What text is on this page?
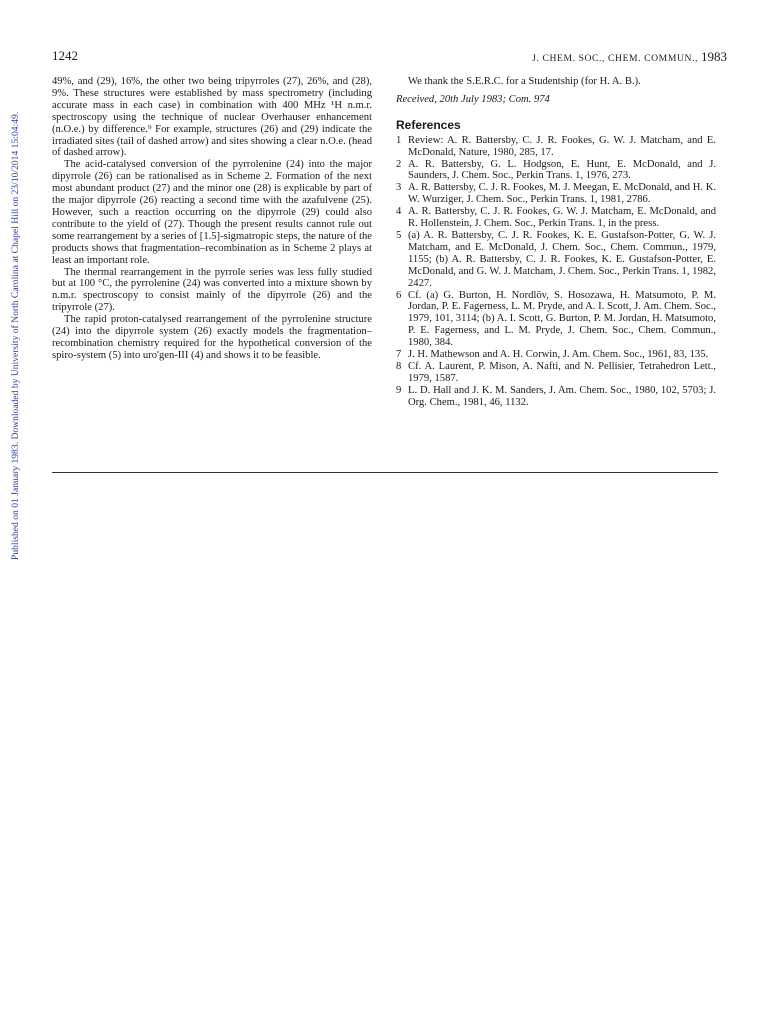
Published on 01 January 1983. Downloaded by University of North Carolina at Chapel Hill on 23/10/2014 15:04:49.
1242	J. CHEM. SOC., CHEM. COMMUN., 1983

49%, and (29), 16%, the other two being tripyrroles (27), 26%, and (28), 9%. These structures were established by mass spectrometry (including accurate mass in each case) in combination with 400 MHz ¹H n.m.r. spectroscopy using the technique of nuclear Overhauser enhancement (n.O.e.) by difference.⁹ For example, structures (26) and (29) indicate the irradiated sites (tail of dashed arrow) and sites showing a clear n.O.e. (head of dashed arrow).

The acid-catalysed conversion of the pyrrolenine (24) into the major dipyrrole (26) can be rationalised as in Scheme 2. Formation of the next most abundant product (27) and the minor one (28) is explicable by part of the major dipyrrole (26) reacting a second time with the azafulvene (25). However, such a reaction occurring on the dipyrrole (29) could also contribute to the yield of (27). Though the present results cannot rule out some rearrangement by a series of [1.5]-sigmatropic steps, the nature of the products shows that fragmentation–recombination as in Scheme 2 plays at least an important role.

The thermal rearrangement in the pyrrole series was less fully studied but at 100 °C, the pyrrolenine (24) was converted into a mixture shown by n.m.r. spectroscopy to consist mainly of the dipyrrole (26) and the tripyrrole (27).

The rapid proton-catalysed rearrangement of the pyrrolenine structure (24) into the dipyrrole system (26) exactly models the fragmentation–recombination chemistry required for the hypothetical conversion of the spiro-system (5) into uro'gen-III (4) and shows it to be feasible.

We thank the S.E.R.C. for a Studentship (for H. A. B.).

Received, 20th July 1983; Com. 974

References
1 Review: A. R. Battersby, C. J. R. Fookes, G. W. J. Matcham, and E. McDonald, Nature, 1980, 285, 17.
2 A. R. Battersby, G. L. Hodgson, E. Hunt, E. McDonald, and J. Saunders, J. Chem. Soc., Perkin Trans. 1, 1976, 273.
3 A. R. Battersby, C. J. R. Fookes, M. J. Meegan, E. McDonald, and H. K. W. Wurziger, J. Chem. Soc., Perkin Trans. 1, 1981, 2786.
4 A. R. Battersby, C. J. R. Fookes, G. W. J. Matcham, E. McDonald, and R. Hollenstein, J. Chem. Soc., Perkin Trans. 1, in the press.
5 (a) A. R. Battersby, C. J. R. Fookes, K. E. Gustafson-Potter, G. W. J. Matcham, and E. McDonald, J. Chem. Soc., Chem. Commun., 1979, 1155; (b) A. R. Battersby, C. J. R. Fookes, K. E. Gustafson-Potter, E. McDonald, and G. W. J. Matcham, J. Chem. Soc., Perkin Trans. 1, 1982, 2427.
6 Cf. (a) G. Burton, H. Nordlöv, S. Hosozawa, H. Matsumoto, P. M. Jordan, P. E. Fagerness, L. M. Pryde, and A. I. Scott, J. Am. Chem. Soc., 1979, 101, 3114; (b) A. I. Scott, G. Burton, P. M. Jordan, H. Matsumoto, P. E. Fagerness, and L. M. Pryde, J. Chem. Soc., Chem. Commun., 1980, 384.
7 J. H. Mathewson and A. H. Corwin, J. Am. Chem. Soc., 1961, 83, 135.
8 Cf. A. Laurent, P. Mison, A. Nafti, and N. Pellisier, Tetrahedron Lett., 1979, 1587.
9 L. D. Hall and J. K. M. Sanders, J. Am. Chem. Soc., 1980, 102, 5703; J. Org. Chem., 1981, 46, 1132.
